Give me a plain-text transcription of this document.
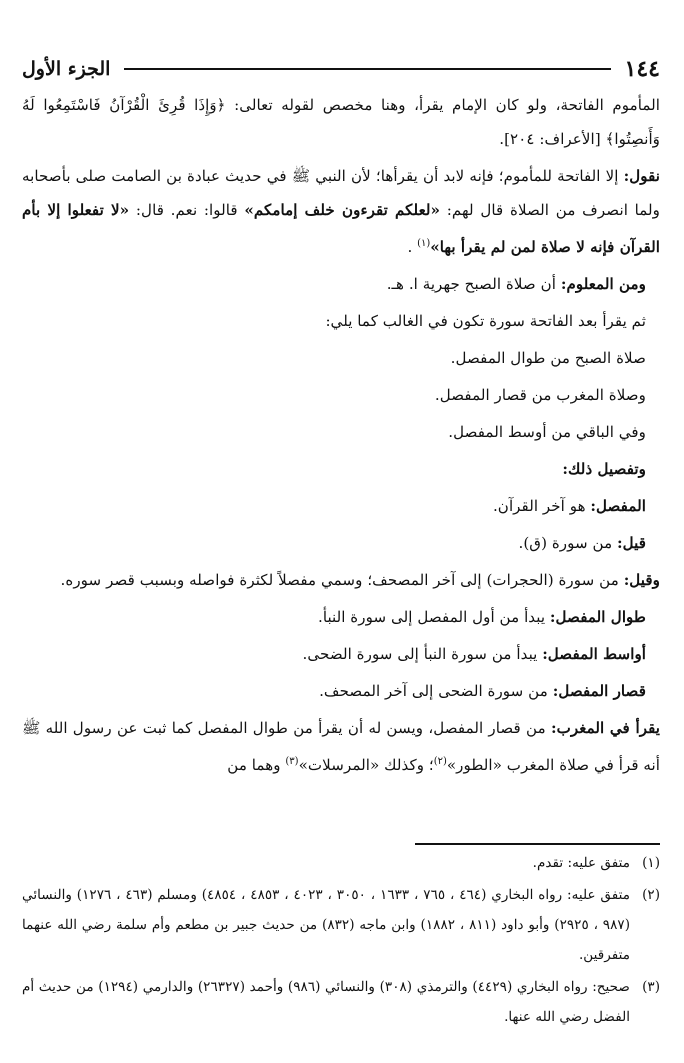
١٤٤
الجزء الأول

المأموم الفاتحة، ولو كان الإمام يقرأ، وهنا مخصص لقوله تعالى: ﴿وَإِذَا قُرِئَ الْقُرْآنُ فَاسْتَمِعُوا لَهُ وَأَنصِتُوا﴾ [الأعراف: ٢٠٤].

نقول: إلا الفاتحة للمأموم؛ فإنه لابد أن يقرأها؛ لأن النبي ﷺ في حديث عبادة بن الصامت صلى بأصحابه ولما انصرف من الصلاة قال لهم: «لعلكم تقرءون خلف إمامكم» قالوا: نعم. قال: «لا تفعلوا إلا بأم القرآن فإنه لا صلاة لمن لم يقرأ بها»$^{(١)}$ .

ومن المعلوم: أن صلاة الصبح جهرية ا. هـ.

ثم يقرأ بعد الفاتحة سورة تكون في الغالب كما يلي:

صلاة الصبح من طوال المفصل.

وصلاة المغرب من قصار المفصل.

وفي الباقي من أوسط المفصل.

وتفصيل ذلك:

المفصل: هو آخر القرآن.

قيل: من سورة (ق).

وقيل: من سورة (الحجرات) إلى آخر المصحف؛ وسمي مفصلاً لكثرة فواصله وبسبب قصر سوره.

طوال المفصل: يبدأ من أول المفصل إلى سورة النبأ.

أواسط المفصل: يبدأ من سورة النبأ إلى سورة الضحى.

قصار المفصل: من سورة الضحى إلى آخر المصحف.

يقرأ في المغرب: من قصار المفصل، ويسن له أن يقرأ من طوال المفصل كما ثبت عن رسول الله ﷺ أنه قرأ في صلاة المغرب «الطور»$^{(٢)}$؛ وكذلك «المرسلات»$^{(٣)}$ وهما من

(١)
متفق عليه: تقدم.
(٢)
متفق عليه: رواه البخاري (٤٦٤ ، ٧٦٥ ، ١٦٣٣ ، ٣٠٥٠ ، ٤٠٢٣ ، ٤٨٥٣ ، ٤٨٥٤) ومسلم (٤٦٣ ، ١٢٧٦) والنسائي (٩٨٧ ، ٢٩٢٥) وأبو داود (٨١١ ، ١٨٨٢) وابن ماجه (٨٣٢) من حديث جبير بن مطعم وأم سلمة رضي الله عنهما متفرقين.
(٣)
صحيح: رواه البخاري (٤٤٢٩) والترمذي (٣٠٨) والنسائي (٩٨٦) وأحمد (٢٦٣٢٧) والدارمي (١٢٩٤) من حديث أم الفضل رضي الله عنها.
